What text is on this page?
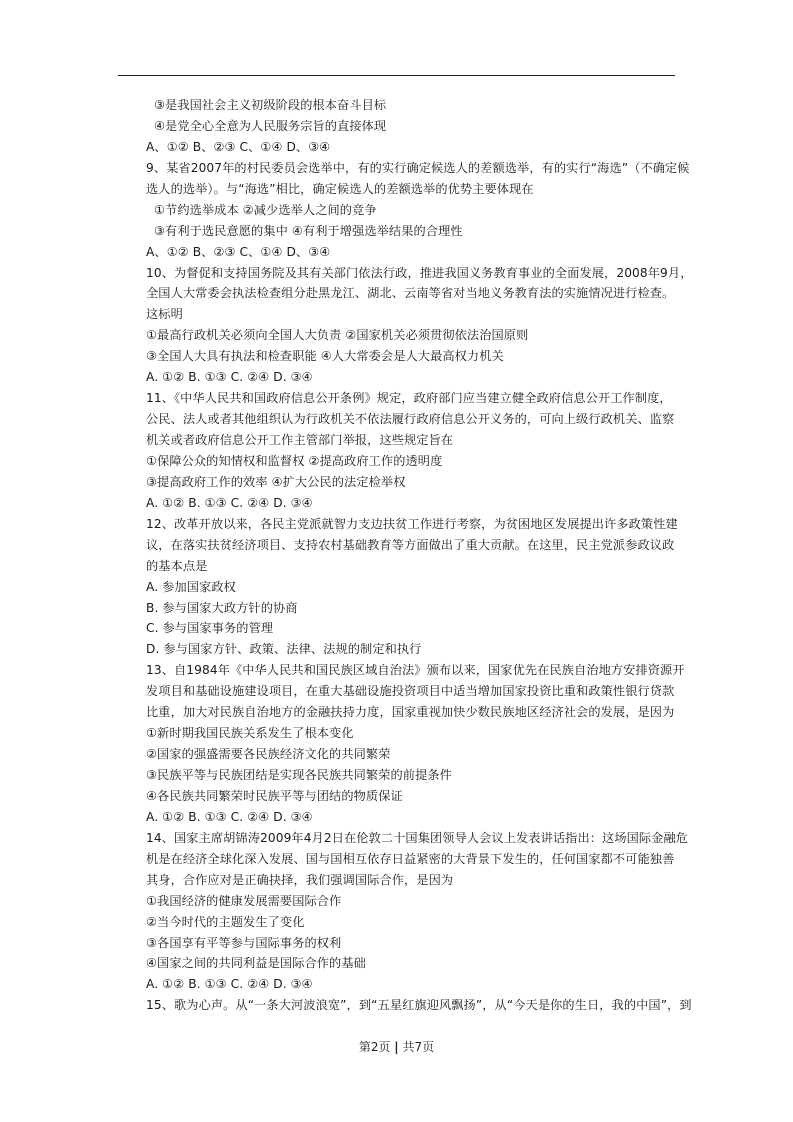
③是我国社会主义初级阶段的根本奋斗目标
④是党全心全意为人民服务宗旨的直接体现
A、①② B、②③ C、①④ D、③④
9、某省2007年的村民委员会选举中，有的实行确定候选人的差额选举，有的实行“海选”（不确定候
选人的选举）。与“海选”相比，确定候选人的差额选举的优势主要体现在
①节约选举成本 ②减少选举人之间的竞争
③有利于选民意愿的集中 ④有利于增强选举结果的合理性
A、①② B、②③ C、①④ D、③④
10、为督促和支持国务院及其有关部门依法行政，推进我国义务教育事业的全面发展，2008年9月，
全国人大常委会执法检查组分赴黑龙江、湖北、云南等省对当地义务教育法的实施情况进行检查。
这标明
①最高行政机关必须向全国人大负责 ②国家机关必须贯彻依法治国原则
③全国人大具有执法和检查职能 ④人大常委会是人大最高权力机关
A. ①② B. ①③ C. ②④ D. ③④
11、《中华人民共和国政府信息公开条例》规定，政府部门应当建立健全政府信息公开工作制度，
公民、法人或者其他组织认为行政机关不依法履行政府信息公开义务的，可向上级行政机关、监察
机关或者政府信息公开工作主管部门举报，这些规定旨在
①保障公众的知情权和监督权 ②提高政府工作的透明度
③提高政府工作的效率 ④扩大公民的法定检举权
A. ①② B. ①③ C. ②④ D. ③④
12、改革开放以来，各民主党派就智力支边扶贫工作进行考察，为贫困地区发展提出许多政策性建
议，在落实扶贫经济项目、支持农村基础教育等方面做出了重大贡献。在这里，民主党派参政议政
的基本点是
A. 参加国家政权
B. 参与国家大政方针的协商
C. 参与国家事务的管理
D. 参与国家方针、政策、法律、法规的制定和执行
13、自1984年《中华人民共和国民族区域自治法》颁布以来，国家优先在民族自治地方安排资源开
发项目和基础设施建设项目，在重大基础设施投资项目中适当增加国家投资比重和政策性银行贷款
比重，加大对民族自治地方的金融扶持力度，国家重视加快少数民族地区经济社会的发展，是因为
①新时期我国民族关系发生了根本变化
②国家的强盛需要各民族经济文化的共同繁荣
③民族平等与民族团结是实现各民族共同繁荣的前提条件
④各民族共同繁荣时民族平等与团结的物质保证
A. ①② B. ①③ C. ②④ D. ③④
14、国家主席胡锦涛2009年4月2日在伦敦二十国集团领导人会议上发表讲话指出：这场国际金融危
机是在经济全球化深入发展、国与国相互依存日益紧密的大背景下发生的，任何国家都不可能独善
其身，合作应对是正确抉择，我们强调国际合作，是因为
①我国经济的健康发展需要国际合作
②当今时代的主题发生了变化
③各国享有平等参与国际事务的权利
④国家之间的共同利益是国际合作的基础
A. ①② B. ①③ C. ②④ D. ③④
15、歌为心声。从“一条大河波浪宽”，到“五星红旗迎风飘扬”，从“今天是你的生日，我的中国”，到
第2页 | 共7页
